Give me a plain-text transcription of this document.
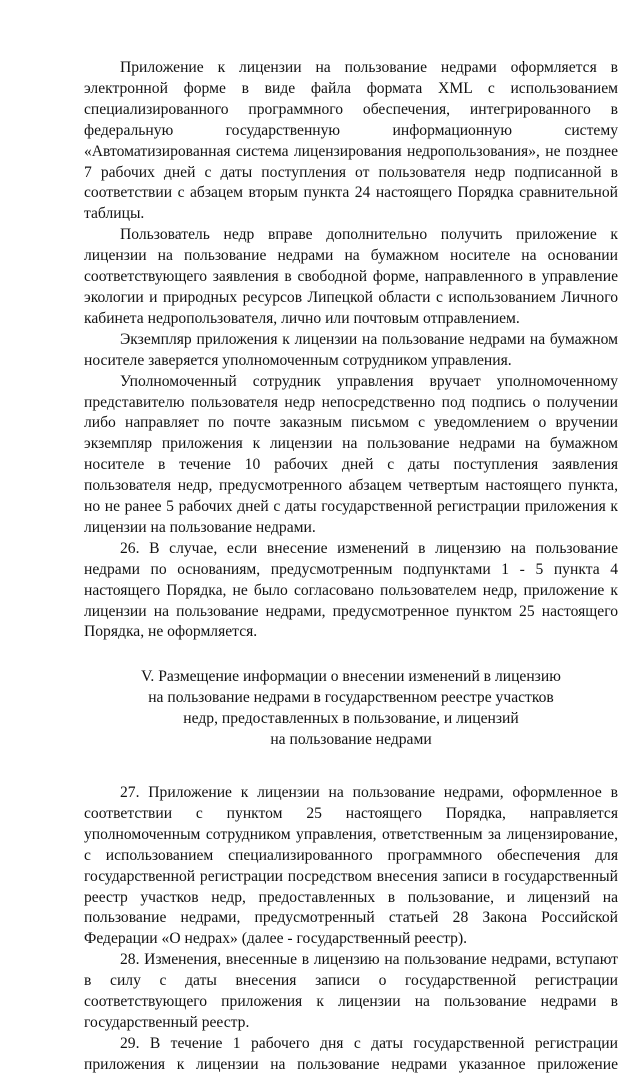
Приложение к лицензии на пользование недрами оформляется в электронной форме в виде файла формата XML с использованием специализированного программного обеспечения, интегрированного в федеральную государственную информационную систему «Автоматизированная система лицензирования недропользования», не позднее 7 рабочих дней с даты поступления от пользователя недр подписанной в соответствии с абзацем вторым пункта 24 настоящего Порядка сравнительной таблицы.

Пользователь недр вправе дополнительно получить приложение к лицензии на пользование недрами на бумажном носителе на основании соответствующего заявления в свободной форме, направленного в управление экологии и природных ресурсов Липецкой области с использованием Личного кабинета недропользователя, лично или почтовым отправлением.

Экземпляр приложения к лицензии на пользование недрами на бумажном носителе заверяется уполномоченным сотрудником управления.

Уполномоченный сотрудник управления вручает уполномоченному представителю пользователя недр непосредственно под подпись о получении либо направляет по почте заказным письмом с уведомлением о вручении экземпляр приложения к лицензии на пользование недрами на бумажном носителе в течение 10 рабочих дней с даты поступления заявления пользователя недр, предусмотренного абзацем четвертым настоящего пункта, но не ранее 5 рабочих дней с даты государственной регистрации приложения к лицензии на пользование недрами.

26. В случае, если внесение изменений в лицензию на пользование недрами по основаниям, предусмотренным подпунктами 1 - 5 пункта 4 настоящего Порядка, не было согласовано пользователем недр, приложение к лицензии на пользование недрами, предусмотренное пунктом 25 настоящего Порядка, не оформляется.

V. Размещение информации о внесении изменений в лицензию
на пользование недрами в государственном реестре участков
недр, предоставленных в пользование, и лицензий
на пользование недрами

27. Приложение к лицензии на пользование недрами, оформленное в соответствии с пунктом 25 настоящего Порядка, направляется уполномоченным сотрудником управления, ответственным за лицензирование, с использованием специализированного программного обеспечения для государственной регистрации посредством внесения записи в государственный реестр участков недр, предоставленных в пользование, и лицензий на пользование недрами, предусмотренный статьей 28 Закона Российской Федерации «О недрах» (далее - государственный реестр).

28. Изменения, внесенные в лицензию на пользование недрами, вступают в силу с даты внесения записи о государственной регистрации соответствующего приложения к лицензии на пользование недрами в государственный реестр.

29. В течение 1 рабочего дня с даты государственной регистрации приложения к лицензии на пользование недрами указанное приложение
